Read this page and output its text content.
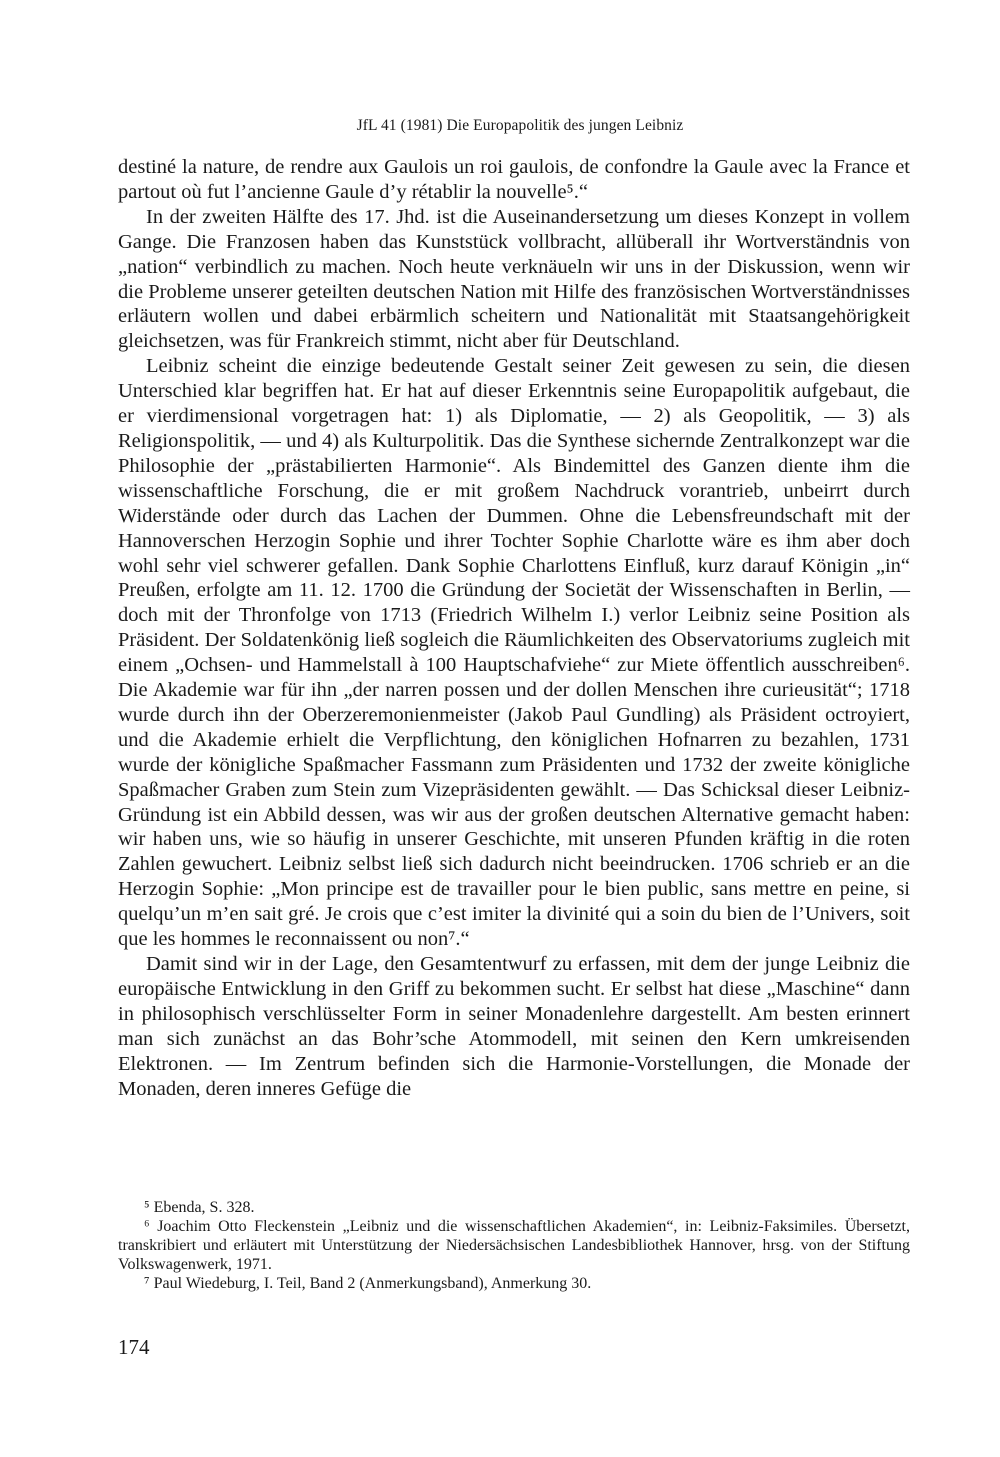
JfL 41 (1981) Die Europapolitik des jungen Leibniz

destiné la nature, de rendre aux Gaulois un roi gaulois, de confondre la Gaule avec la France et partout où fut l’ancienne Gaule d’y rétablir la nouvelle⁵.“

In der zweiten Hälfte des 17. Jhd. ist die Auseinandersetzung um dieses Konzept in vollem Gange. Die Franzosen haben das Kunststück vollbracht, allüberall ihr Wortverständnis von „nation“ verbindlich zu machen. Noch heute verknäueln wir uns in der Diskussion, wenn wir die Probleme unserer geteilten deutschen Nation mit Hilfe des französischen Wortverständnisses erläutern wollen und dabei erbärmlich scheitern und Nationalität mit Staatsangehörigkeit gleichsetzen, was für Frankreich stimmt, nicht aber für Deutschland.

Leibniz scheint die einzige bedeutende Gestalt seiner Zeit gewesen zu sein, die diesen Unterschied klar begriffen hat. Er hat auf dieser Erkenntnis seine Europapolitik aufgebaut, die er vierdimensional vorgetragen hat: 1) als Diplomatie, — 2) als Geopolitik, — 3) als Religionspolitik, — und 4) als Kulturpolitik. Das die Synthese sichernde Zentralkonzept war die Philosophie der „prästabilierten Harmonie“. Als Bindemittel des Ganzen diente ihm die wissenschaftliche Forschung, die er mit großem Nachdruck vorantrieb, unbeirrt durch Widerstände oder durch das Lachen der Dummen. Ohne die Lebensfreundschaft mit der Hannoverschen Herzogin Sophie und ihrer Tochter Sophie Charlotte wäre es ihm aber doch wohl sehr viel schwerer gefallen. Dank Sophie Charlottens Einfluß, kurz darauf Königin „in“ Preußen, erfolgte am 11. 12. 1700 die Gründung der Societät der Wissenschaften in Berlin, — doch mit der Thronfolge von 1713 (Friedrich Wilhelm I.) verlor Leibniz seine Position als Präsident. Der Soldatenkönig ließ sogleich die Räumlichkeiten des Observatoriums zugleich mit einem „Ochsen- und Hammelstall à 100 Hauptschafviehe“ zur Miete öffentlich ausschreiben⁶. Die Akademie war für ihn „der narren possen und der dollen Menschen ihre curieusität“; 1718 wurde durch ihn der Oberzeremonienmeister (Jakob Paul Gundling) als Präsident octroyiert, und die Akademie erhielt die Verpflichtung, den königlichen Hofnarren zu bezahlen, 1731 wurde der königliche Spaßmacher Fassmann zum Präsidenten und 1732 der zweite königliche Spaßmacher Graben zum Stein zum Vizepräsidenten gewählt. — Das Schicksal dieser Leibniz-Gründung ist ein Abbild dessen, was wir aus der großen deutschen Alternative gemacht haben: wir haben uns, wie so häufig in unserer Geschichte, mit unseren Pfunden kräftig in die roten Zahlen gewuchert. Leibniz selbst ließ sich dadurch nicht beeindrucken. 1706 schrieb er an die Herzogin Sophie: „Mon principe est de travailler pour le bien public, sans mettre en peine, si quelqu’un m’en sait gré. Je crois que c’est imiter la divinité qui a soin du bien de l’Univers, soit que les hommes le reconnaissent ou non⁷.“

Damit sind wir in der Lage, den Gesamtentwurf zu erfassen, mit dem der junge Leibniz die europäische Entwicklung in den Griff zu bekommen sucht. Er selbst hat diese „Maschine“ dann in philosophisch verschlüsselter Form in seiner Monadenlehre dargestellt. Am besten erinnert man sich zunächst an das Bohr’sche Atommodell, mit seinen den Kern umkreisenden Elektronen. — Im Zentrum befinden sich die Harmonie-Vorstellungen, die Monade der Monaden, deren inneres Gefüge die

⁵ Ebenda, S. 328.

⁶ Joachim Otto Fleckenstein „Leibniz und die wissenschaftlichen Akademien“, in: Leibniz-Faksimiles. Übersetzt, transkribiert und erläutert mit Unterstützung der Niedersächsischen Landesbibliothek Hannover, hrsg. von der Stiftung Volkswagenwerk, 1971.

⁷ Paul Wiedeburg, I. Teil, Band 2 (Anmerkungsband), Anmerkung 30.

174
